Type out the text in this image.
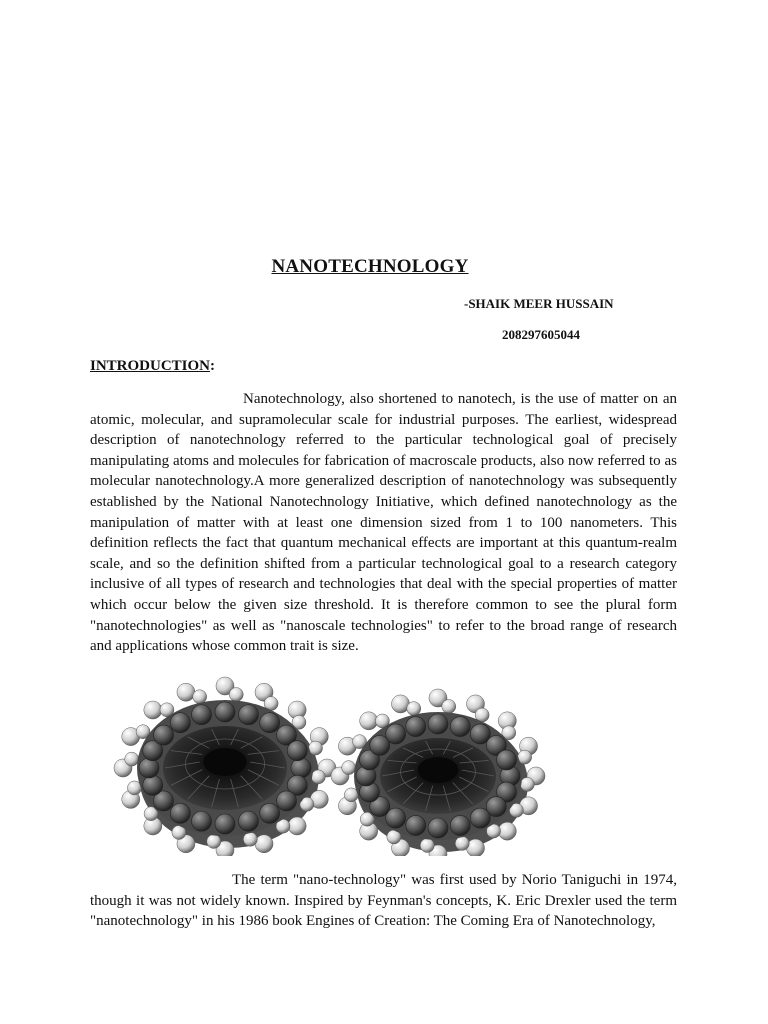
NANOTECHNOLOGY
-SHAIK MEER HUSSAIN
208297605044
INTRODUCTION:

Nanotechnology, also shortened to nanotech, is the use of matter on an atomic, molecular, and supramolecular scale for industrial purposes. The earliest, widespread description of nanotechnology referred to the particular technological goal of precisely manipulating atoms and molecules for fabrication of macroscale products, also now referred to as molecular nanotechnology.A more generalized description of nanotechnology was subsequently established by the National Nanotechnology Initiative, which defined nanotechnology as the manipulation of matter with at least one dimension sized from 1 to 100 nanometers. This definition reflects the fact that quantum mechanical effects are important at this quantum-realm scale, and so the definition shifted from a particular technological goal to a research category inclusive of all types of research and technologies that deal with the special properties of matter which occur below the given size threshold. It is therefore common to see the plural form "nanotechnologies" as well as "nanoscale technologies" to refer to the broad range of research and applications whose common trait is size.

The term "nano-technology" was first used by Norio Taniguchi in 1974, though it was not widely known. Inspired by Feynman's concepts, K. Eric Drexler used the term "nanotechnology" in his 1986 book Engines of Creation: The Coming Era of Nanotechnology,
